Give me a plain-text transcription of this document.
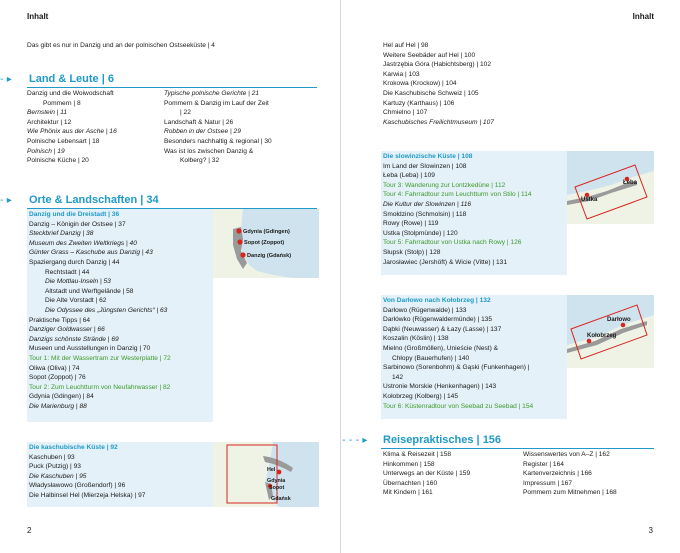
Inhalt
Das gibt es nur in Danzig und an der polnischen Ostseeküste | 4
- ▸ Land & Leute | 6
Danzig und die Woiwodschaft
Pommern | 8
Bernstein | 11
Architektur | 12
Wie Phönix aus der Asche | 16
Polnische Lebensart | 18
Polnisch | 19
Polnische Küche | 20
Typische polnische Gerichte | 21
Pommern & Danzig im Lauf der Zeit
| 22
Landschaft & Natur | 26
Robben in der Ostsee | 29
Besonders nachhaltig & regional | 30
Was ist los zwischen Danzig &
Kolberg? | 32
- ▸ Orte & Landschaften | 34
Danzig und die Dreistadt | 36
Danzig – Königin der Ostsee | 37
Steckbrief Danzig | 38
Museum des Zweiten Weltkriegs | 40
Günter Grass – Kaschube aus Danzig | 43
Spaziergang durch Danzig | 44
Rechtstadt | 44
Die Mottlau-Inseln | 53
Altstadt und Werftgelände | 58
Die Alte Vorstadt | 62
Die Odyssee des „Jüngsten Gerichts“ | 63
Praktische Tipps | 64
Danziger Goldwasser | 66
Danzigs schönste Strände | 69
Museen und Ausstellungen in Danzig | 70
Tour 1: Mit der Wassertram zur Westerplatte | 72
Oliwa (Oliva) | 74
Sopot (Zoppot) | 76
Tour 2: Zum Leuchtturm von Neufahrwasser | 82
Gdynia (Gdingen) | 84
Die Marienburg | 88
Gdynia (Gdingen)
Sopot (Zoppot)
Danzig (Gdańsk)
Die kaschubische Küste | 92
Kaschuben | 93
Puck (Putzig) | 93
Die Kaschuben | 95
Władysławowo (Großendorf) | 96
Die Halbinsel Hel (Mierzeja Helska) | 97
Hel
Gdynia
Sopot
Gdańsk
2
Inhalt
Hel auf Hel | 98
Weitere Seebäder auf Hel | 100
Jastrzębia Góra (Habichtsberg) | 102
Karwia | 103
Krokowa (Krockow) | 104
Die Kaschubische Schweiz | 105
Kartuzy (Karthaus) | 106
Chmielno | 107
Kaschubisches Freilichtmuseum | 107
Die slowinzische Küste | 108
Im Land der Slowinzen | 108
Łeba (Leba) | 109
Tour 3: Wanderung zur Lontzkedüne | 112
Tour 4: Fahrradtour zum Leuchtturm von Stilo | 114
Die Kultur der Slowinzen | 116
Smołdzino (Schmolsin) | 118
Rowy (Rowe) | 119
Ustka (Stolpmünde) | 120
Tour 5: Fahrradtour von Ustka nach Rowy | 126
Słupsk (Stolp) | 128
Jarosławiec (Jershöft) & Wicie (Vitte) | 131
Łeba
Ustka
Von Darłowo nach Kołobrzeg | 132
Darłowo (Rügenwalde) | 133
Darłówko (Rügenwaldermünde) | 135
Dąbki (Neuwasser) & Łazy (Lasse) | 137
Koszalin (Köslin) | 138
Mielno (Großmöllen), Unieście (Nest) &
Chłopy (Bauerhufen) | 140
Sarbinowo (Sorenbohm) & Gąski (Funkenhagen) |
142
Ustronie Morskie (Henkenhagen) | 143
Kołobrzeg (Kolberg) | 145
Tour 6: Küstenradtour von Seebad zu Seebad | 154
Darłowo
Kołobrzeg
- - - ▸ Reisepraktisches | 156
Klima & Reisezeit | 158
Hinkommen | 158
Unterwegs an der Küste | 159
Übernachten | 160
Mit Kindern | 161
Wissenswertes von A–Z | 162
Register | 164
Kartenverzeichnis | 166
Impressum | 167
Pommern zum Mitnehmen | 168
3
